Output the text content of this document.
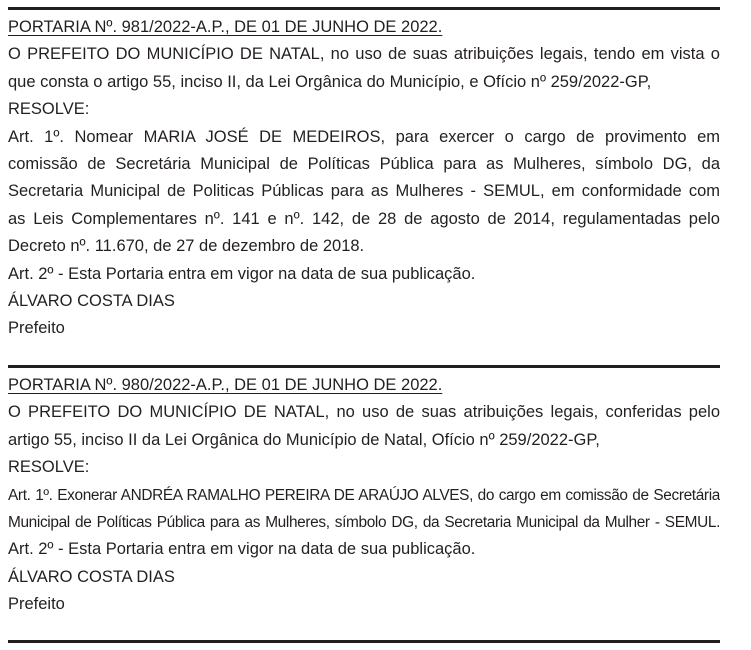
PORTARIA Nº. 981/2022-A.P., DE 01 DE JUNHO DE 2022.
O PREFEITO DO MUNICÍPIO DE NATAL, no uso de suas atribuições legais, tendo em vista o
que consta o artigo 55, inciso II, da Lei Orgânica do Município, e Ofício nº 259/2022-GP,
RESOLVE:
Art. 1º. Nomear MARIA JOSÉ DE MEDEIROS, para exercer o cargo de provimento em
comissão de Secretária Municipal de Políticas Pública para as Mulheres, símbolo DG, da
Secretaria Municipal de Politicas Públicas para as Mulheres - SEMUL, em conformidade com
as Leis Complementares nº. 141 e nº. 142, de 28 de agosto de 2014, regulamentadas pelo
Decreto nº. 11.670, de 27 de dezembro de 2018.
Art. 2º - Esta Portaria entra em vigor na data de sua publicação.
ÁLVARO COSTA DIAS
Prefeito
PORTARIA Nº. 980/2022-A.P., DE 01 DE JUNHO DE 2022.
O PREFEITO DO MUNICÍPIO DE NATAL, no uso de suas atribuições legais, conferidas pelo
artigo 55, inciso II da Lei Orgânica do Município de Natal, Ofício nº 259/2022-GP,
RESOLVE:
Art. 1º. Exonerar ANDRÉA RAMALHO PEREIRA DE ARAÚJO ALVES, do cargo em comissão de Secretária
Municipal de Políticas Pública para as Mulheres, símbolo DG, da Secretaria Municipal da Mulher - SEMUL.
Art. 2º - Esta Portaria entra em vigor na data de sua publicação.
ÁLVARO COSTA DIAS
Prefeito
